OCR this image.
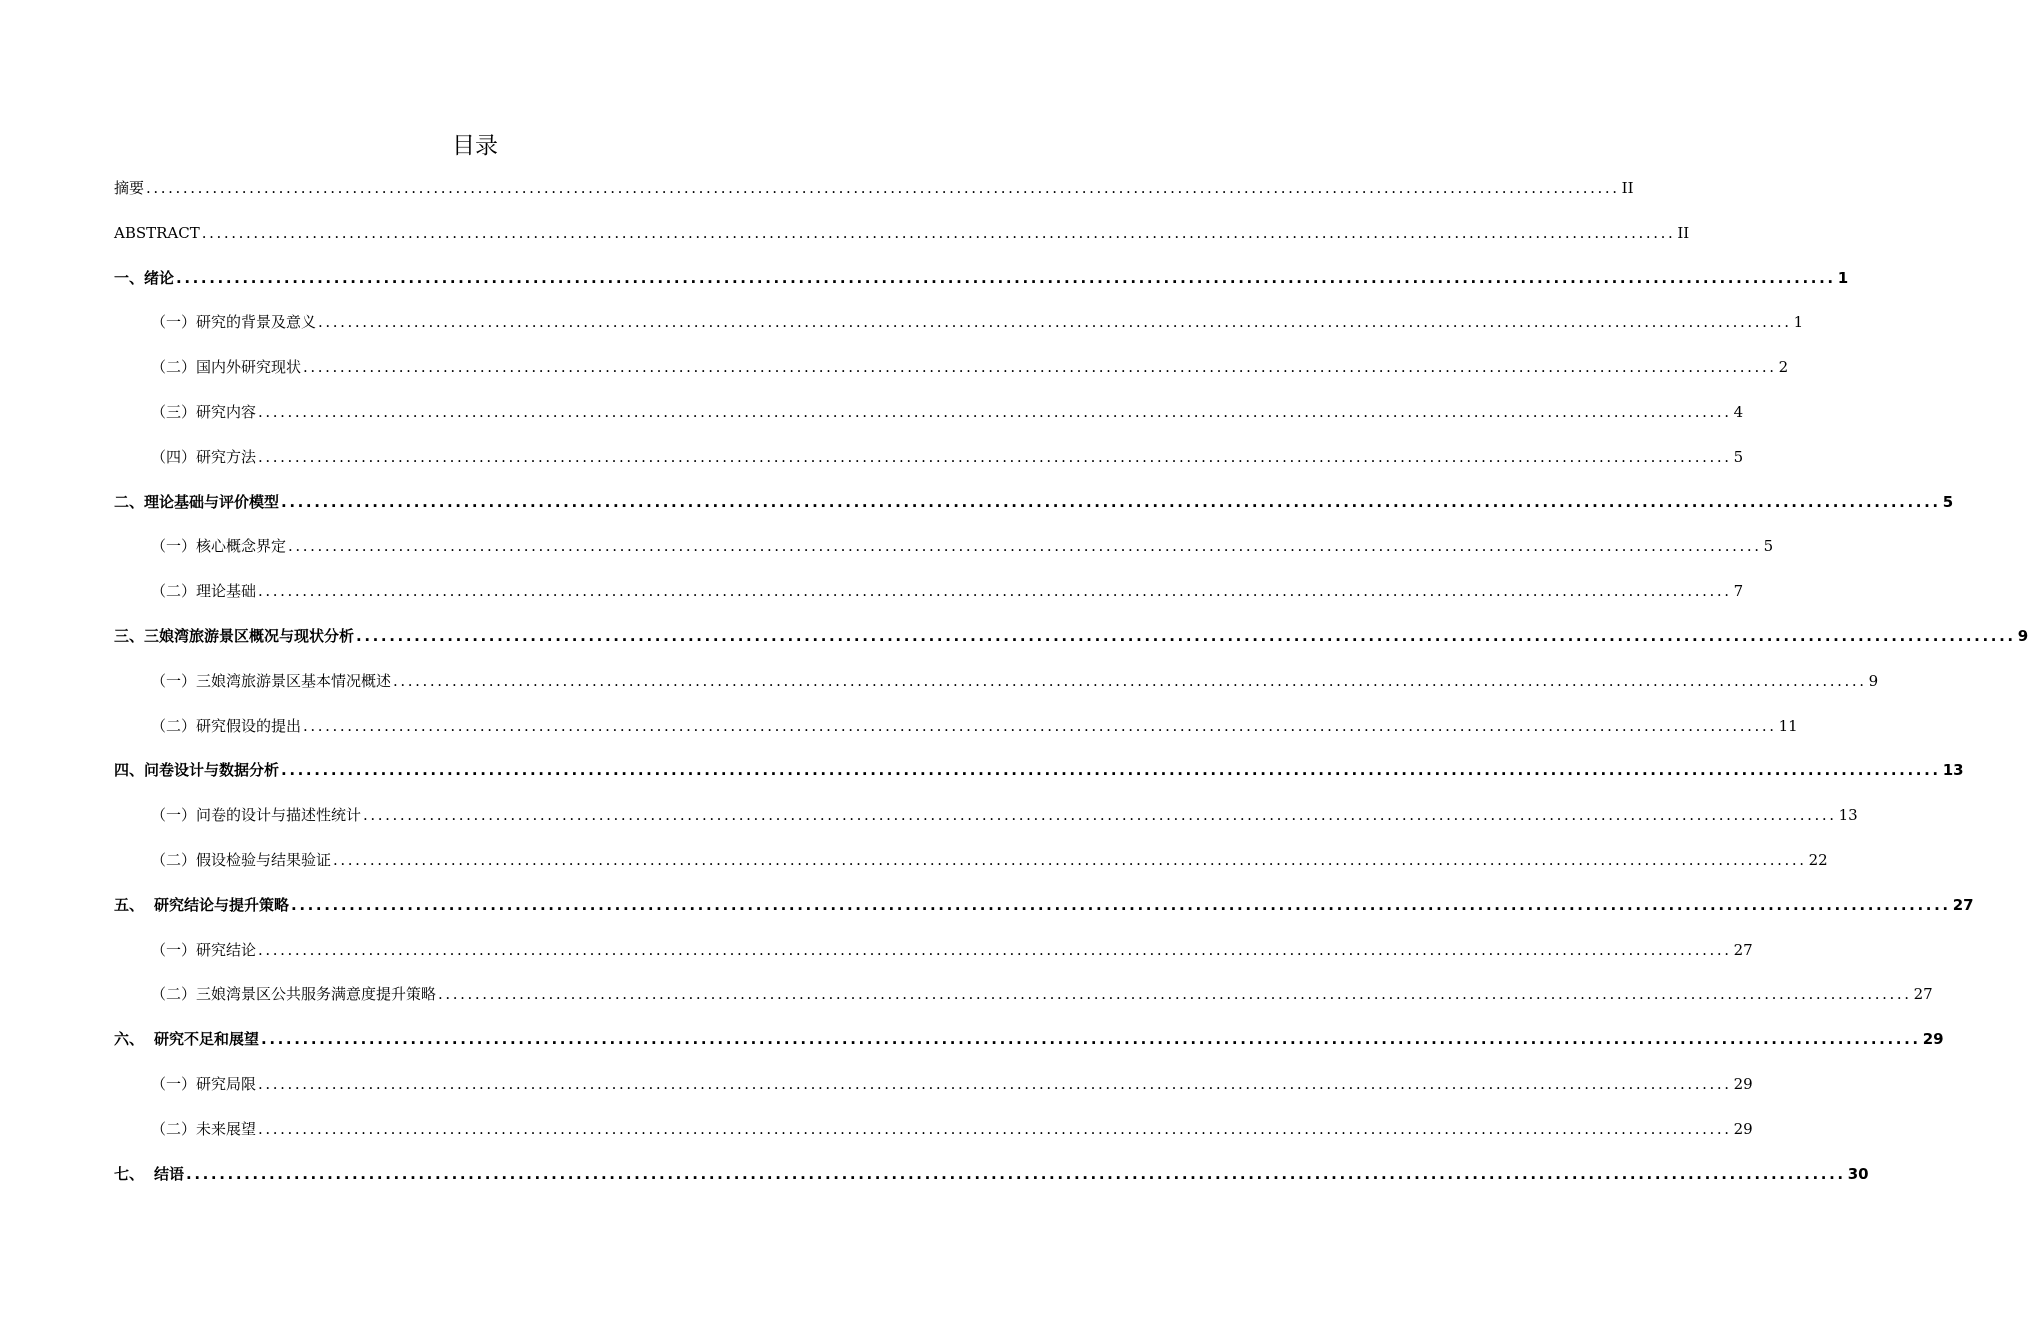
目录
摘要 ........................................................................................................................................................................................................ II
ABSTRACT ........................................................................................................................................................................................................ II
一、绪论 ........................................................................................................................................................................................................ 1
（一）研究的背景及意义 ........................................................................................................................................................................................................ 1
（二）国内外研究现状 ........................................................................................................................................................................................................ 2
（三）研究内容 ........................................................................................................................................................................................................ 4
（四）研究方法 ........................................................................................................................................................................................................ 5
二、理论基础与评价模型 ........................................................................................................................................................................................................ 5
（一）核心概念界定 ........................................................................................................................................................................................................ 5
（二）理论基础 ........................................................................................................................................................................................................ 7
三、三娘湾旅游景区概况与现状分析 ........................................................................................................................................................................................................ 9
（一）三娘湾旅游景区基本情况概述 ........................................................................................................................................................................................................ 9
（二）研究假设的提出 ........................................................................................................................................................................................................ 11
四、问卷设计与数据分析 ........................................................................................................................................................................................................ 13
（一）问卷的设计与描述性统计 ........................................................................................................................................................................................................ 13
（二）假设检验与结果验证 ........................................................................................................................................................................................................ 22
五、 研究结论与提升策略 ........................................................................................................................................................................................................ 27
（一）研究结论 ........................................................................................................................................................................................................ 27
（二）三娘湾景区公共服务满意度提升策略 ........................................................................................................................................................................................................ 27
六、 研究不足和展望 ........................................................................................................................................................................................................ 29
（一）研究局限 ........................................................................................................................................................................................................ 29
（二）未来展望 ........................................................................................................................................................................................................ 29
七、 结语 ........................................................................................................................................................................................................ 30
